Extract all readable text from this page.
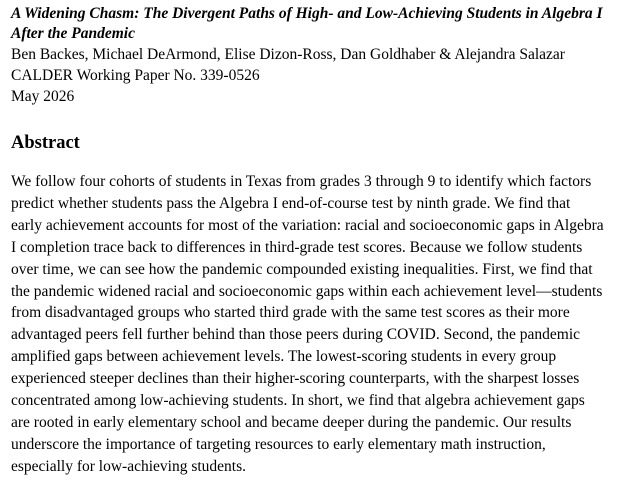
A Widening Chasm: The Divergent Paths of High- and Low-Achieving Students in Algebra I

After the Pandemic

Ben Backes, Michael DeArmond, Elise Dizon-Ross, Dan Goldhaber & Alejandra Salazar

CALDER Working Paper No. 339-0526

May 2026

Abstract
We follow four cohorts of students in Texas from grades 3 through 9 to identify which factors
predict whether students pass the Algebra I end-of-course test by ninth grade. We find that
early achievement accounts for most of the variation: racial and socioeconomic gaps in Algebra
I completion trace back to differences in third-grade test scores. Because we follow students
over time, we can see how the pandemic compounded existing inequalities. First, we find that
the pandemic widened racial and socioeconomic gaps within each achievement level—students
from disadvantaged groups who started third grade with the same test scores as their more
advantaged peers fell further behind than those peers during COVID. Second, the pandemic
amplified gaps between achievement levels. The lowest-scoring students in every group
experienced steeper declines than their higher-scoring counterparts, with the sharpest losses
concentrated among low-achieving students. In short, we find that algebra achievement gaps
are rooted in early elementary school and became deeper during the pandemic. Our results
underscore the importance of targeting resources to early elementary math instruction,
especially for low-achieving students.
